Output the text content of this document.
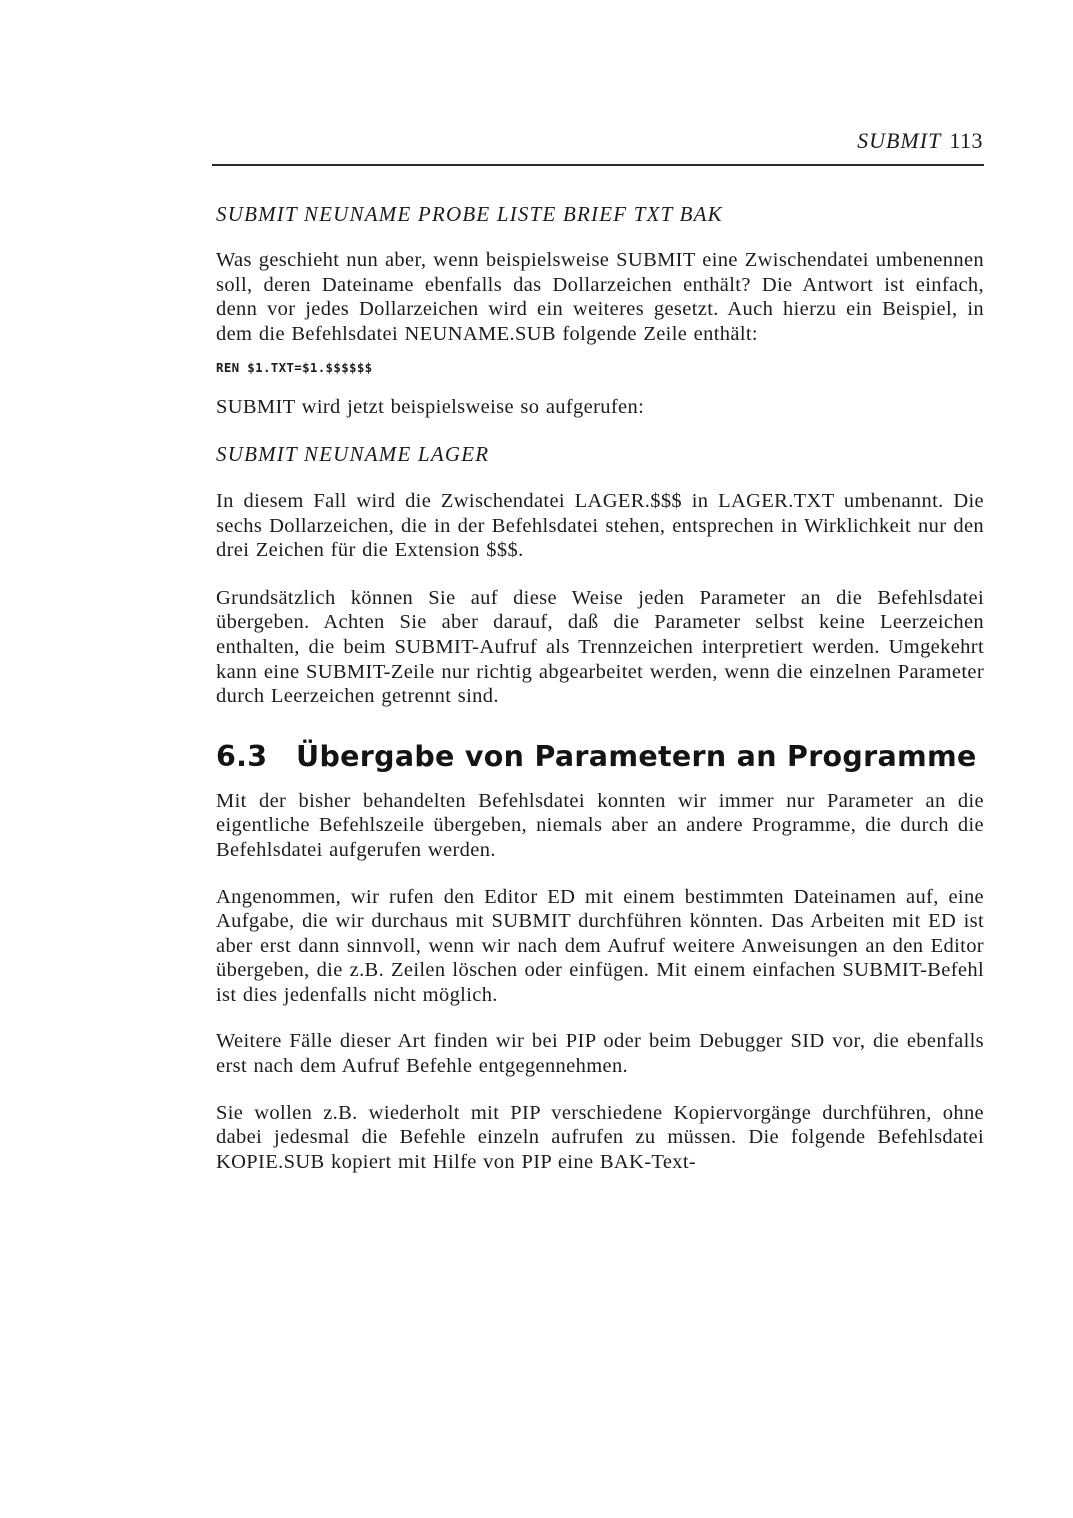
SUBMIT 113

SUBMIT NEUNAME PROBE LISTE BRIEF TXT BAK

Was geschieht nun aber, wenn beispielsweise SUBMIT eine Zwischendatei umbenennen soll, deren Dateiname ebenfalls das Dollarzeichen enthält? Die Antwort ist einfach, denn vor jedes Dollarzeichen wird ein weiteres gesetzt. Auch hierzu ein Beispiel, in dem die Befehlsdatei NEUNAME.SUB folgende Zeile enthält:

REN $1.TXT=$1.$$$$$$

SUBMIT wird jetzt beispielsweise so aufgerufen:

SUBMIT NEUNAME LAGER

In diesem Fall wird die Zwischendatei LAGER.$$$ in LAGER.TXT umbenannt. Die sechs Dollarzeichen, die in der Befehlsdatei stehen, entsprechen in Wirklichkeit nur den drei Zeichen für die Extension $$$.

Grundsätzlich können Sie auf diese Weise jeden Parameter an die Befehlsdatei übergeben. Achten Sie aber darauf, daß die Parameter selbst keine Leerzeichen enthalten, die beim SUBMIT-Aufruf als Trennzeichen interpretiert werden. Umgekehrt kann eine SUBMIT-Zeile nur richtig abgearbeitet werden, wenn die einzelnen Parameter durch Leerzeichen getrennt sind.

6.3 Übergabe von Parametern an Programme

Mit der bisher behandelten Befehlsdatei konnten wir immer nur Parameter an die eigentliche Befehlszeile übergeben, niemals aber an andere Programme, die durch die Befehlsdatei aufgerufen werden.

Angenommen, wir rufen den Editor ED mit einem bestimmten Dateinamen auf, eine Aufgabe, die wir durchaus mit SUBMIT durchführen könnten. Das Arbeiten mit ED ist aber erst dann sinnvoll, wenn wir nach dem Aufruf weitere Anweisungen an den Editor übergeben, die z.B. Zeilen löschen oder einfügen. Mit einem einfachen SUBMIT-Befehl ist dies jedenfalls nicht möglich.

Weitere Fälle dieser Art finden wir bei PIP oder beim Debugger SID vor, die ebenfalls erst nach dem Aufruf Befehle entgegennehmen.

Sie wollen z.B. wiederholt mit PIP verschiedene Kopiervorgänge durchführen, ohne dabei jedesmal die Befehle einzeln aufrufen zu müssen. Die folgende Befehlsdatei KOPIE.SUB kopiert mit Hilfe von PIP eine BAK-Text-
